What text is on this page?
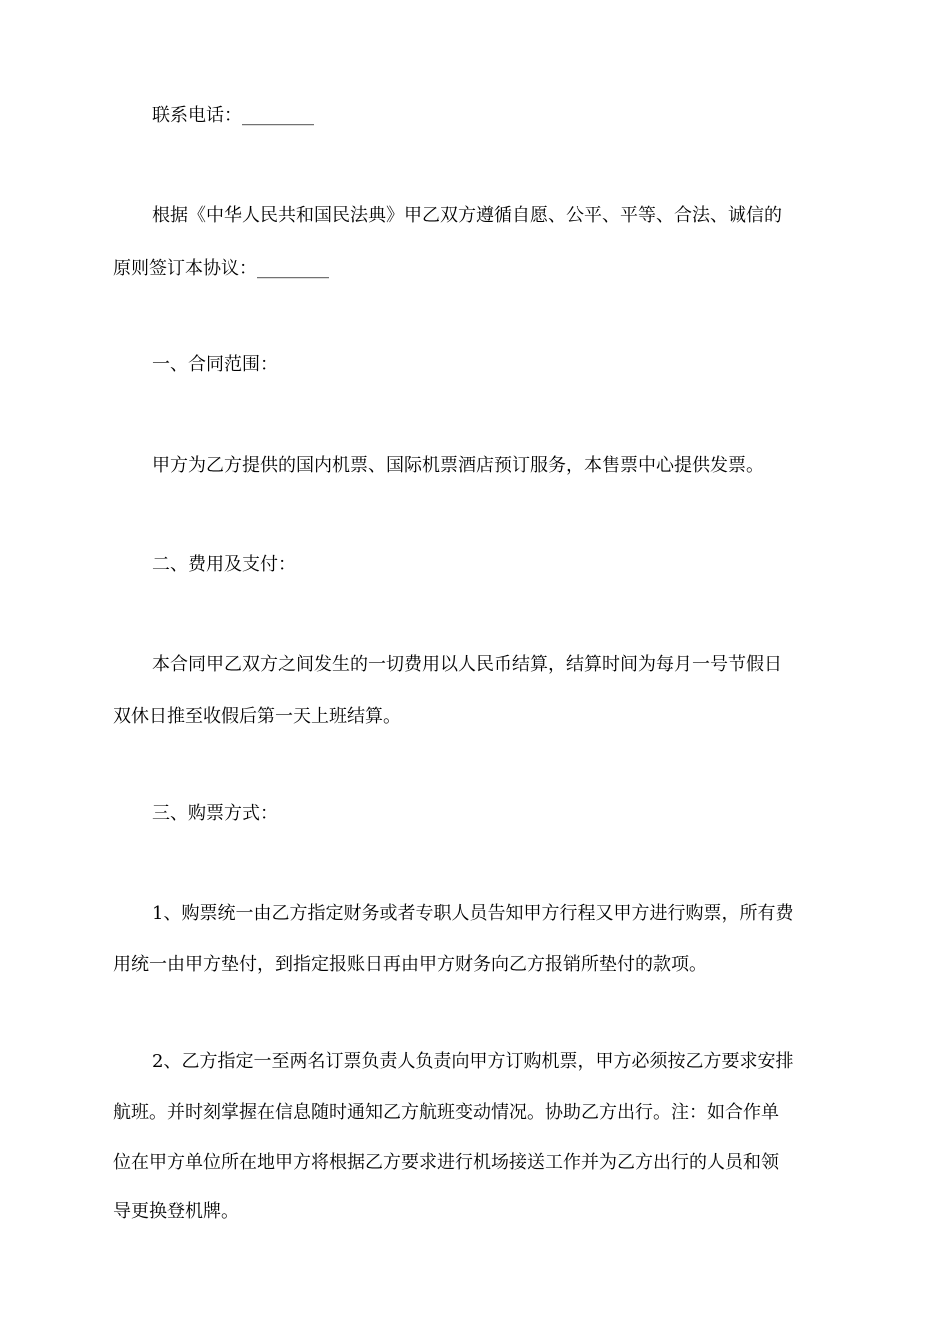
联系电话：________
根据《中华人民共和国民法典》甲乙双方遵循自愿、公平、平等、合法、诚信的
原则签订本协议：________
一、合同范围：
甲方为乙方提供的国内机票、国际机票酒店预订服务，本售票中心提供发票。
二、费用及支付：
本合同甲乙双方之间发生的一切费用以人民币结算，结算时间为每月一号节假日
双休日推至收假后第一天上班结算。
三、购票方式：
1、购票统一由乙方指定财务或者专职人员告知甲方行程又甲方进行购票，所有费
用统一由甲方垫付，到指定报账日再由甲方财务向乙方报销所垫付的款项。
2、乙方指定一至两名订票负责人负责向甲方订购机票，甲方必须按乙方要求安排
航班。并时刻掌握在信息随时通知乙方航班变动情况。协助乙方出行。注：如合作单
位在甲方单位所在地甲方将根据乙方要求进行机场接送工作并为乙方出行的人员和领
导更换登机牌。
